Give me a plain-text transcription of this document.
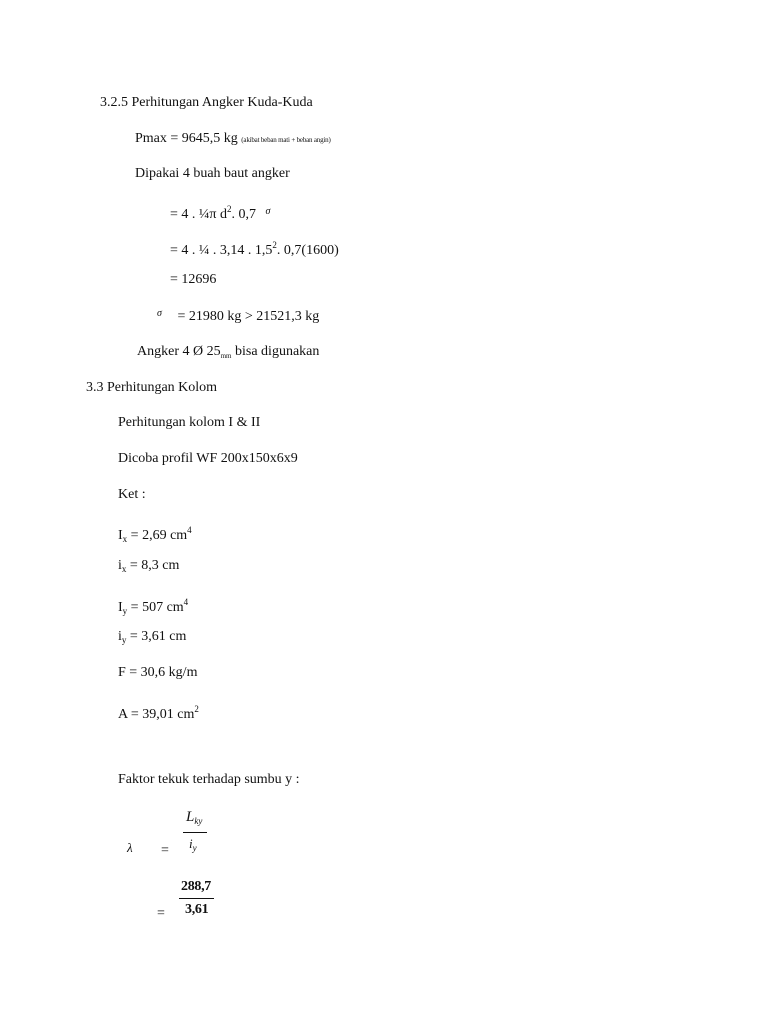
3.2.5 Perhitungan Angker Kuda-Kuda
Pmax = 9645,5 kg (akibat beban mati + beban angin)
Dipakai 4 buah baut angker
= 4 . ¼π $d^2$. 0,7 $^\sigma$
= 4 . ¼ . 3,14 . $1,5^2$. 0,7(1600)
= 12696
$^\sigma$ = 21980 kg > 21521,3 kg
Angker 4 Ø $25_{mm}$ bisa digunakan
3.3 Perhitungan Kolom
Perhitungan kolom I & II
Dicoba profil WF 200x150x6x9
Ket :
$I_x = 2,69$ $cm^4$
$i_x = 8,3$ cm
$I_y = 507$ $cm^4$
$i_y = 3,61$ cm
F = 30,6 kg/m
A = 39,01 $cm^2$
Faktor tekuk terhadap sumbu y :
$L_{ky}$
$\lambda = i_y$
288,7
= 3,61
